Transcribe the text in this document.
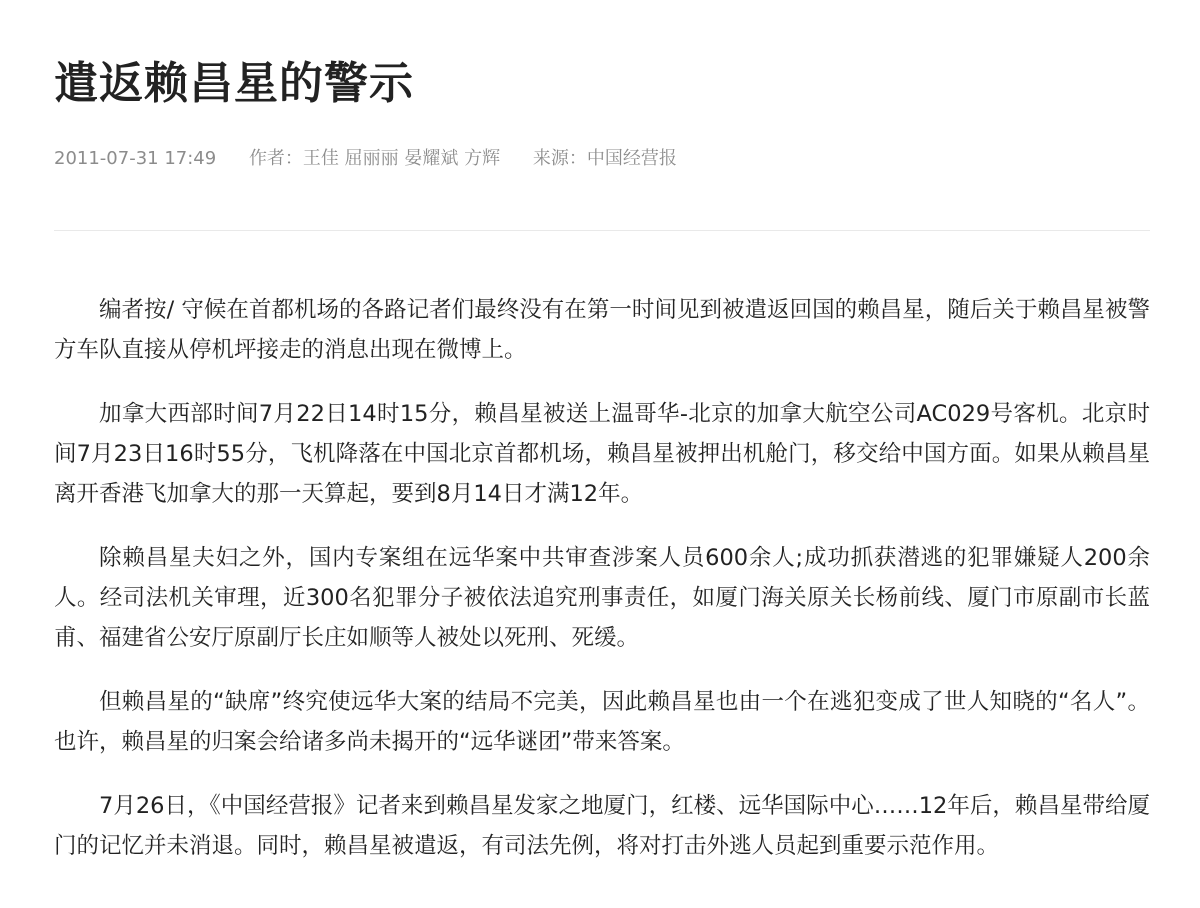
遣返赖昌星的警示
2011-07-31 17:49 作者：王佳 屈丽丽 晏耀斌 方辉 来源：中国经营报

编者按/ 守候在首都机场的各路记者们最终没有在第一时间见到被遣返回国的赖昌星，随后关于赖昌星被警方车队直接从停机坪接走的消息出现在微博上。

加拿大西部时间7月22日14时15分，赖昌星被送上温哥华-北京的加拿大航空公司AC029号客机。北京时间7月23日16时55分，飞机降落在中国北京首都机场，赖昌星被押出机舱门，移交给中国方面。如果从赖昌星离开香港飞加拿大的那一天算起，要到8月14日才满12年。

除赖昌星夫妇之外，国内专案组在远华案中共审查涉案人员600余人;成功抓获潜逃的犯罪嫌疑人200余人。经司法机关审理，近300名犯罪分子被依法追究刑事责任，如厦门海关原关长杨前线、厦门市原副市长蓝甫、福建省公安厅原副厅长庄如顺等人被处以死刑、死缓。

但赖昌星的“缺席”终究使远华大案的结局不完美，因此赖昌星也由一个在逃犯变成了世人知晓的“名人”。也许，赖昌星的归案会给诸多尚未揭开的“远华谜团”带来答案。

7月26日，《中国经营报》记者来到赖昌星发家之地厦门，红楼、远华国际中心……12年后，赖昌星带给厦门的记忆并未消退。同时，赖昌星被遣返，有司法先例，将对打击外逃人员起到重要示范作用。
